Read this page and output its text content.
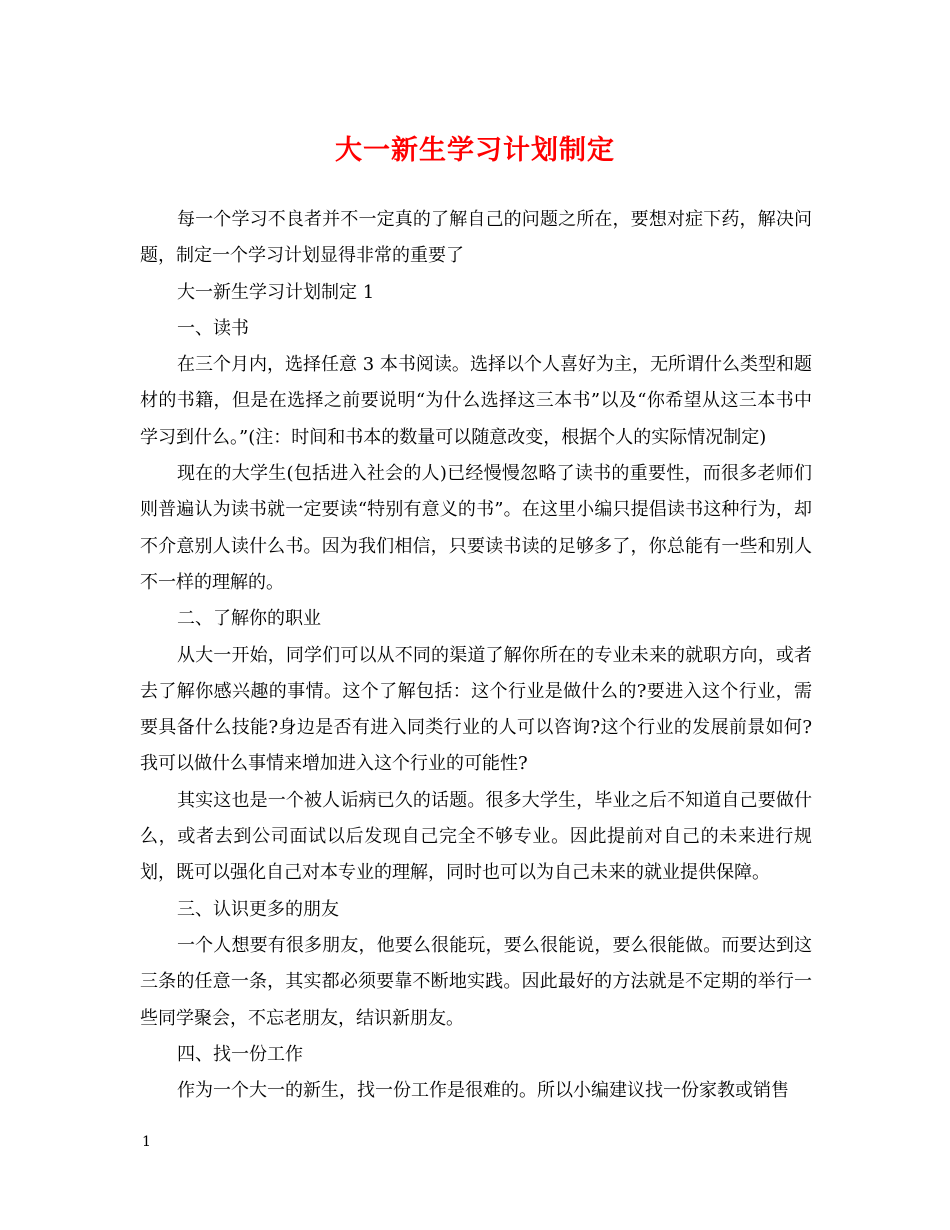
大一新生学习计划制定

每一个学习不良者并不一定真的了解自己的问题之所在，要想对症下药，解决问题，制定一个学习计划显得非常的重要了

大一新生学习计划制定 1

一、读书

在三个月内，选择任意 3 本书阅读。选择以个人喜好为主，无所谓什么类型和题材的书籍，但是在选择之前要说明“为什么选择这三本书”以及“你希望从这三本书中学习到什么。”(注：时间和书本的数量可以随意改变，根据个人的实际情况制定)

现在的大学生(包括进入社会的人)已经慢慢忽略了读书的重要性，而很多老师们则普遍认为读书就一定要读“特别有意义的书”。在这里小编只提倡读书这种行为，却不介意别人读什么书。因为我们相信，只要读书读的足够多了，你总能有一些和别人不一样的理解的。

二、了解你的职业

从大一开始，同学们可以从不同的渠道了解你所在的专业未来的就职方向，或者去了解你感兴趣的事情。这个了解包括：这个行业是做什么的?要进入这个行业，需要具备什么技能?身边是否有进入同类行业的人可以咨询?这个行业的发展前景如何?我可以做什么事情来增加进入这个行业的可能性?

其实这也是一个被人诟病已久的话题。很多大学生，毕业之后不知道自己要做什么，或者去到公司面试以后发现自己完全不够专业。因此提前对自己的未来进行规划，既可以强化自己对本专业的理解，同时也可以为自己未来的就业提供保障。

三、认识更多的朋友

一个人想要有很多朋友，他要么很能玩，要么很能说，要么很能做。而要达到这三条的任意一条，其实都必须要靠不断地实践。因此最好的方法就是不定期的举行一些同学聚会，不忘老朋友，结识新朋友。

四、找一份工作

作为一个大一的新生，找一份工作是很难的。所以小编建议找一份家教或销售

1
